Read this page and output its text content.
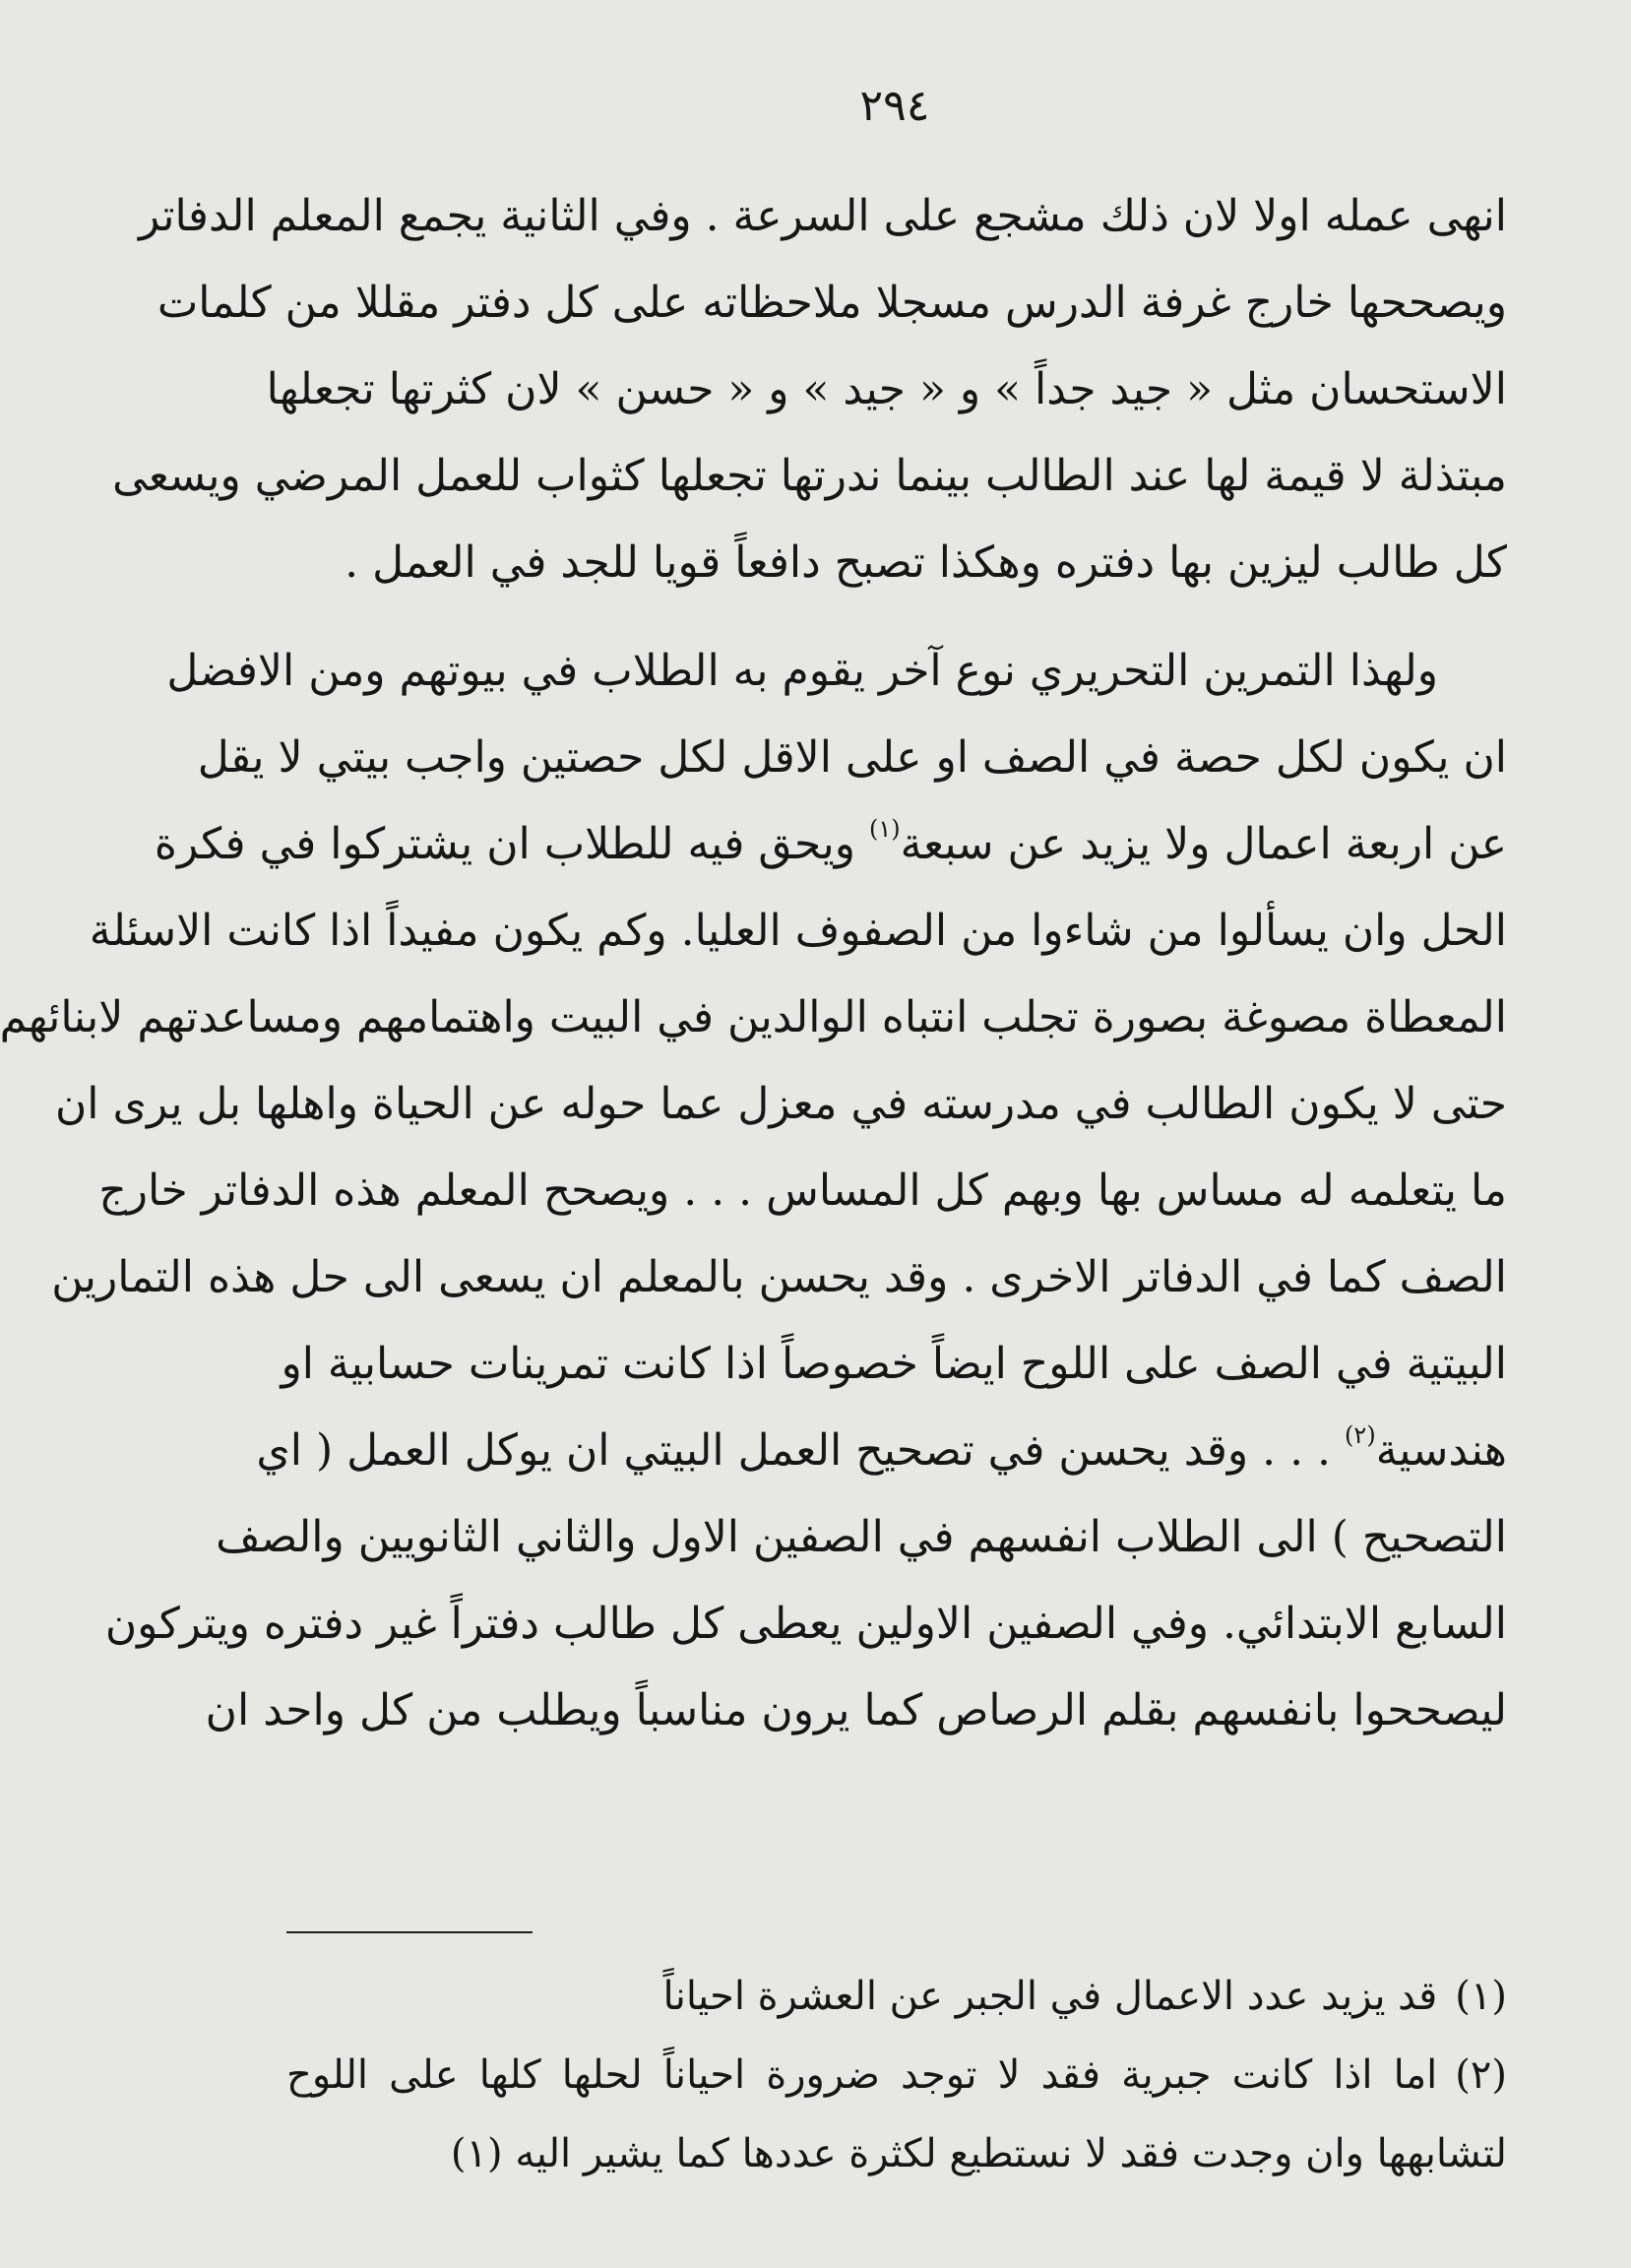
٢٩٤
انهى عمله اولا لان ذلك مشجع على السرعة . وفي الثانية يجمع المعلم الدفاتر
ويصححها خارج غرفة الدرس مسجلا ملاحظاته على كل دفتر مقللا من كلمات
الاستحسان مثل « جيد جداً » و « جيد » و « حسن » لان كثرتها تجعلها
مبتذلة لا قيمة لها عند الطالب بينما ندرتها تجعلها كثواب للعمل المرضي ويسعى
كل طالب ليزين بها دفتره وهكذا تصبح دافعاً قويا للجد في العمل .
ولهذا التمرين التحريري نوع آخر يقوم به الطلاب في بيوتهم ومن الافضل
ان يكون لكل حصة في الصف او على الاقل لكل حصتين واجب بيتي لا يقل
عن اربعة اعمال ولا يزيد عن سبعة$^{(١)}$ ويحق فيه للطلاب ان يشتركوا في فكرة
الحل وان يسألوا من شاءوا من الصفوف العليا. وكم يكون مفيداً اذا كانت الاسئلة
المعطاة مصوغة بصورة تجلب انتباه الوالدين في البيت واهتمامهم ومساعدتهم لابنائهم
حتى لا يكون الطالب في مدرسته في معزل عما حوله عن الحياة واهلها بل يرى ان
ما يتعلمه له مساس بها وبهم كل المساس . . . ويصحح المعلم هذه الدفاتر خارج
الصف كما في الدفاتر الاخرى . وقد يحسن بالمعلم ان يسعى الى حل هذه التمارين
البيتية في الصف على اللوح ايضاً خصوصاً اذا كانت تمرينات حسابية او
هندسية$^{(٢)}$ . . . وقد يحسن في تصحيح العمل البيتي ان يوكل العمل ( اي
التصحيح ) الى الطلاب انفسهم في الصفين الاول والثاني الثانويين والصف
السابع الابتدائي. وفي الصفين الاولين يعطى كل طالب دفتراً غير دفتره ويتركون
ليصححوا بانفسهم بقلم الرصاص كما يرون مناسباً ويطلب من كل واحد ان
(١)قد يزيد عدد الاعمال في الجبر عن العشرة احياناً
(٢)اما اذا كانت جبرية فقد لا توجد ضرورة احياناً لحلها كلها على اللوح
لتشابهها وان وجدت فقد لا نستطيع لكثرة عددها كما يشير اليه (١)
